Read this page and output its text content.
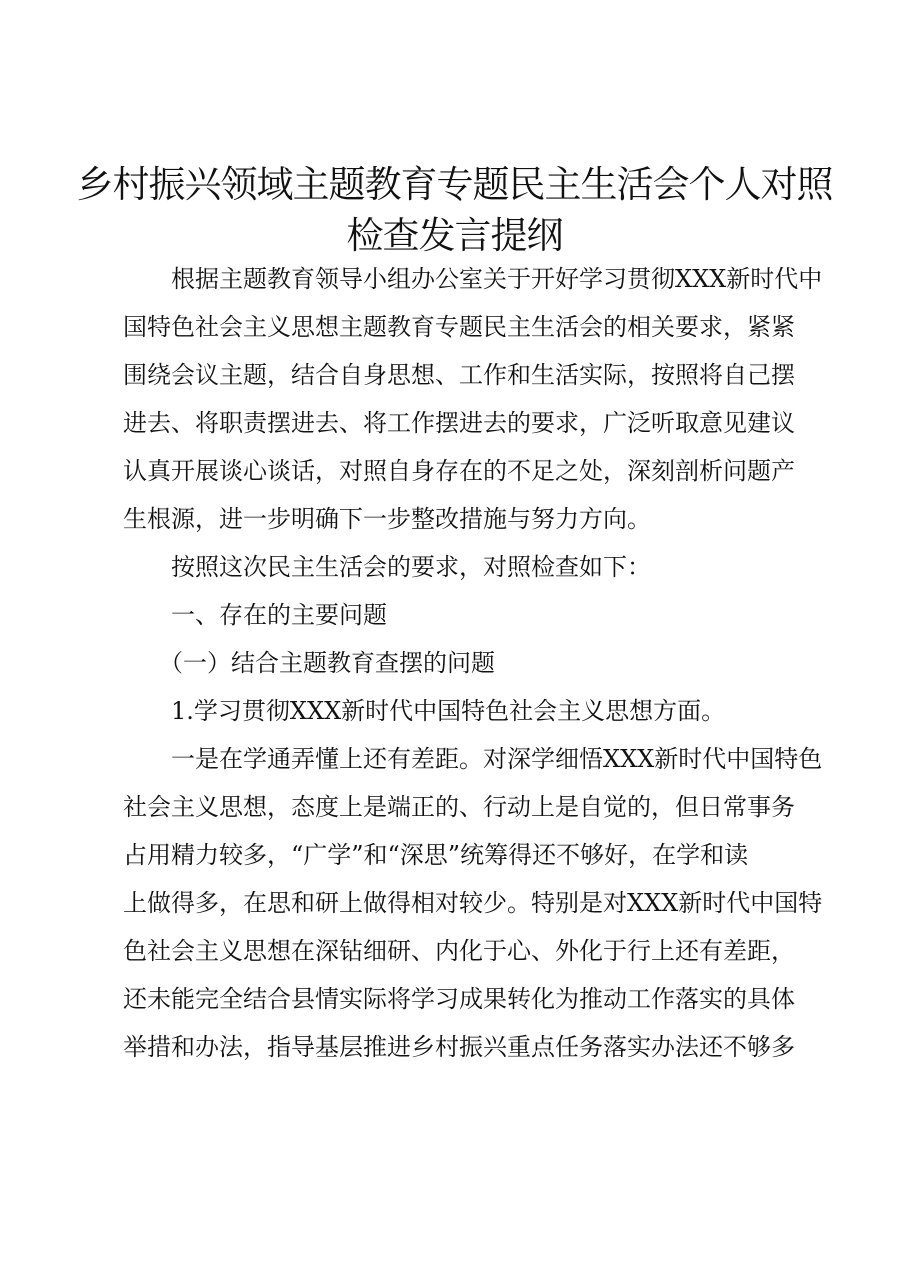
乡村振兴领域主题教育专题民主生活会个人对照
检查发言提纲
　　根据主题教育领导小组办公室关于开好学习贯彻XXX新时代中
国特色社会主义思想主题教育专题民主生活会的相关要求，紧紧
围绕会议主题，结合自身思想、工作和生活实际，按照将自己摆
进去、将职责摆进去、将工作摆进去的要求，广泛听取意见建议
认真开展谈心谈话，对照自身存在的不足之处，深刻剖析问题产
生根源，进一步明确下一步整改措施与努力方向。
　　按照这次民主生活会的要求，对照检查如下：
　　一、存在的主要问题
　　（一）结合主题教育查摆的问题
　　1.学习贯彻XXX新时代中国特色社会主义思想方面。
　　一是在学通弄懂上还有差距。对深学细悟XXX新时代中国特色
社会主义思想，态度上是端正的、行动上是自觉的，但日常事务
占用精力较多，“广学”和“深思”统筹得还不够好，在学和读
上做得多，在思和研上做得相对较少。特别是对XXX新时代中国特
色社会主义思想在深钻细研、内化于心、外化于行上还有差距，
还未能完全结合县情实际将学习成果转化为推动工作落实的具体
举措和办法，指导基层推进乡村振兴重点任务落实办法还不够多
